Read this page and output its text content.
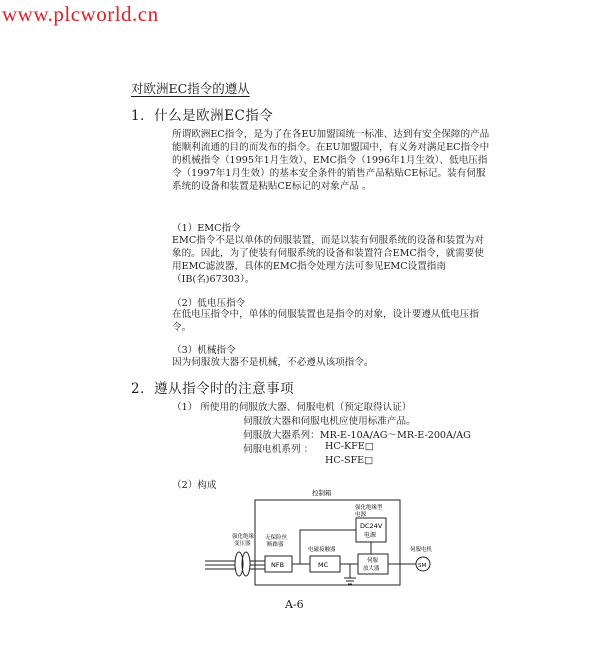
www.plcworld.cn
对欧洲EC指令的遵从
1．什么是欧洲EC指令
所谓欧洲EC指令，是为了在各EU加盟国统一标准、达到有安全保障的产品能顺利流通的目的而发布的指令。在EU加盟国中，有义务对满足EC指令中的机械指令（1995年1月生效）、EMC指令（1996年1月生效）、低电压指令（1997年1月生效）的基本安全条件的销售产品粘贴CE标记。装有伺服系统的设备和装置是粘贴CE标记的对象产品 。
（1）EMC指令
EMC指令不是以单体的伺服装置，而是以装有伺服系统的设备和装置为对象的。因此，为了使装有伺服系统的设备和装置符合EMC指令，就需要使用EMC滤波器，具体的EMC指令处理方法可参见EMC设置指南（IB(名)67303）。
（2）低电压指令
在低电压指令中，单体的伺服装置也是指令的对象，设计要遵从低电压指令。
（3）机械指令
因为伺服放大器不是机械，不必遵从该项指令。
2．遵从指令时的注意事项
（1） 所使用的伺服放大器、伺服电机（预定取得认证）
伺服放大器和伺服电机应使用标准产品。
伺服放大器系列：MR-E-10A/AG～MR-E-200A/AG
伺服电机系列 ： HC-KFE□
HC-SFE□
（2）构成
控制箱
强化绝缘型
电源
DC24V
电源
强化绝缘
变压器
无保险丝
断路器
电磁接触器
NFB	MC	伺服
放大器
伺服电机
SM
A-6
